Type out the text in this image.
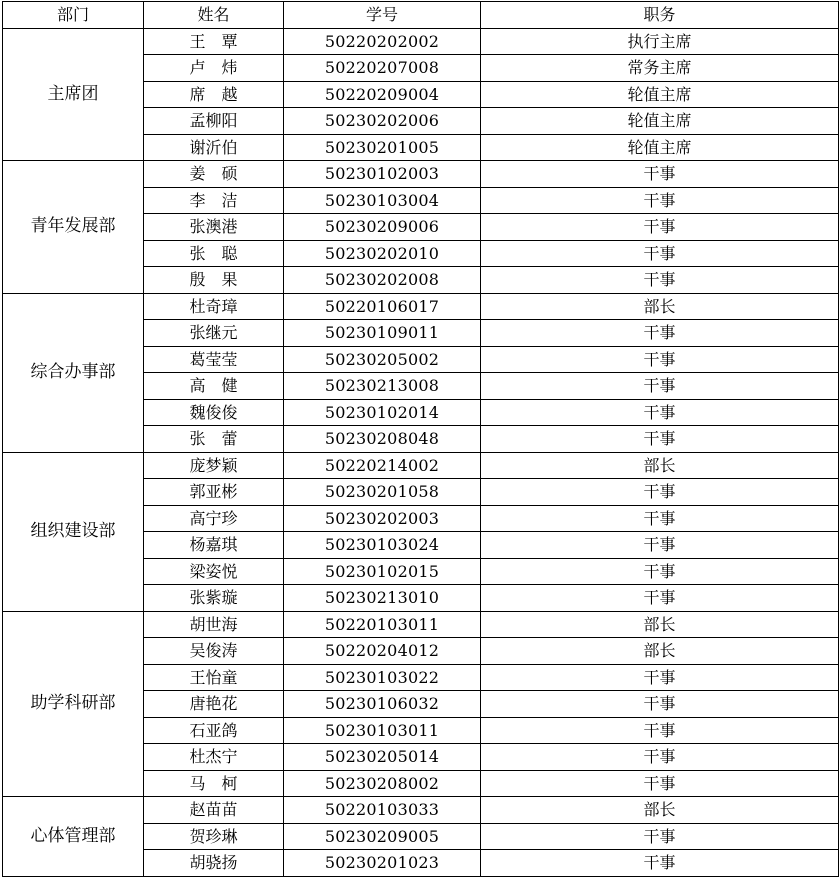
部门	姓名	学号	职务
主席团	王　覃	50220202002	执行主席
	卢　炜	50220207008	常务主席
	席　越	50220209004	轮值主席
	孟柳阳	50230202006	轮值主席
	谢沂伯	50230201005	轮值主席
青年发展部	姜　硕	50230102003	干事
	李　洁	50230103004	干事
	张澳港	50230209006	干事
	张　聪	50230202010	干事
	殷　果	50230202008	干事
综合办事部	杜奇璋	50220106017	部长
	张继元	50230109011	干事
	葛莹莹	50230205002	干事
	高　健	50230213008	干事
	魏俊俊	50230102014	干事
	张　蕾	50230208048	干事
组织建设部	庞梦颖	50220214002	部长
	郭亚彬	50230201058	干事
	高宁珍	50230202003	干事
	杨嘉琪	50230103024	干事
	梁姿悦	50230102015	干事
	张紫璇	50230213010	干事
助学科研部	胡世海	50220103011	部长
	吴俊涛	50220204012	部长
	王怡童	50230103022	干事
	唐艳花	50230106032	干事
	石亚鸽	50230103011	干事
	杜杰宁	50230205014	干事
	马　柯	50230208002	干事
心体管理部	赵苗苗	50220103033	部长
	贺珍琳	50230209005	干事
	胡骁扬	50230201023	干事
